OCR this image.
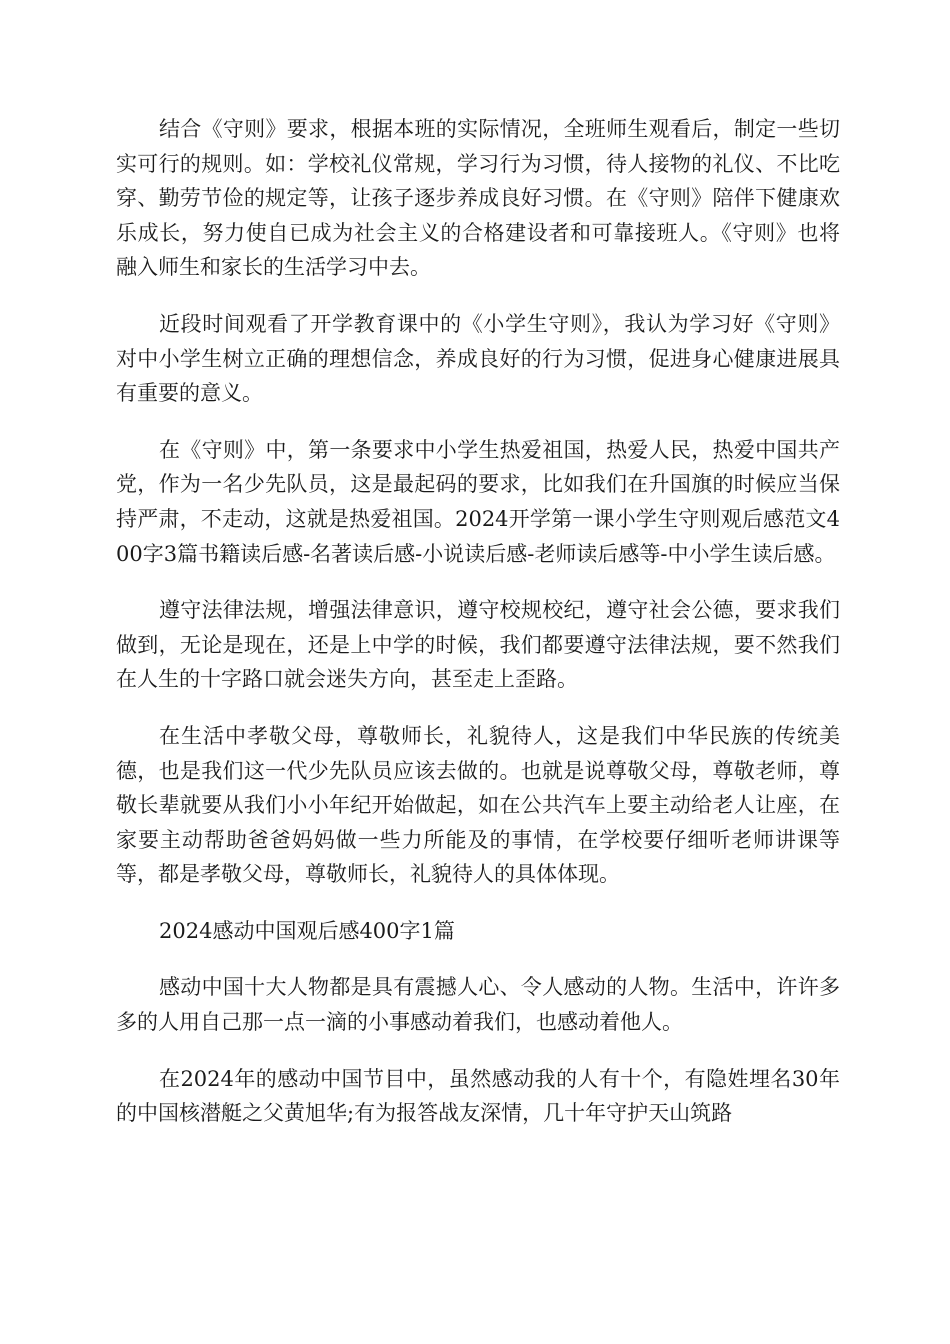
结合《守则》要求，根据本班的实际情况，全班师生观看后，制定一些切实可行的规则。如：学校礼仪常规，学习行为习惯，待人接物的礼仪、不比吃穿、勤劳节俭的规定等，让孩子逐步养成良好习惯。在《守则》陪伴下健康欢乐成长，努力使自已成为社会主义的合格建设者和可靠接班人。《守则》也将融入师生和家长的生活学习中去。

近段时间观看了开学教育课中的《小学生守则》，我认为学习好《守则》对中小学生树立正确的理想信念，养成良好的行为习惯，促进身心健康进展具有重要的意义。

在《守则》中，第一条要求中小学生热爱祖国，热爱人民，热爱中国共产党，作为一名少先队员，这是最起码的要求，比如我们在升国旗的时候应当保持严肃，不走动，这就是热爱祖国。2024开学第一课小学生守则观后感范文400字3篇书籍读后感-名著读后感-小说读后感-老师读后感等-中小学生读后感。

遵守法律法规，增强法律意识，遵守校规校纪，遵守社会公德，要求我们做到，无论是现在，还是上中学的时候，我们都要遵守法律法规，要不然我们在人生的十字路口就会迷失方向，甚至走上歪路。

在生活中孝敬父母，尊敬师长，礼貌待人，这是我们中华民族的传统美德，也是我们这一代少先队员应该去做的。也就是说尊敬父母，尊敬老师，尊敬长辈就要从我们小小年纪开始做起，如在公共汽车上要主动给老人让座，在家要主动帮助爸爸妈妈做一些力所能及的事情，在学校要仔细听老师讲课等等，都是孝敬父母，尊敬师长，礼貌待人的具体体现。

2024感动中国观后感400字1篇

感动中国十大人物都是具有震撼人心、令人感动的人物。生活中，许许多多的人用自己那一点一滴的小事感动着我们，也感动着他人。

在2024年的感动中国节目中，虽然感动我的人有十个，有隐姓埋名30年的中国核潜艇之父黄旭华;有为报答战友深情，几十年守护天山筑路
